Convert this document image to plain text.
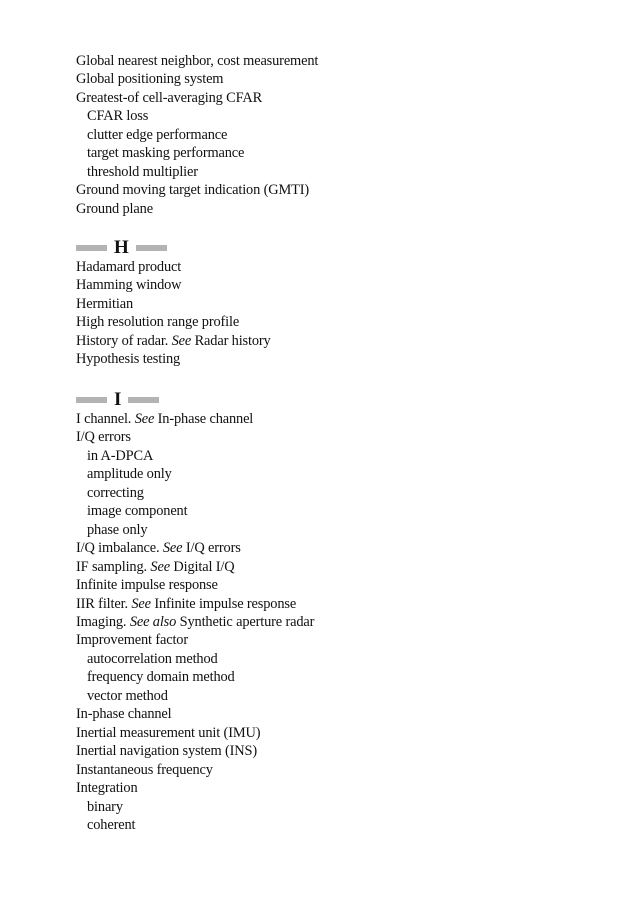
Global nearest neighbor, cost measurement
Global positioning system
Greatest-of cell-averaging CFAR
CFAR loss
clutter edge performance
target masking performance
threshold multiplier
Ground moving target indication (GMTI)
Ground plane
H
Hadamard product
Hamming window
Hermitian
High resolution range profile
History of radar. See Radar history
Hypothesis testing
I
I channel. See In-phase channel
I/Q errors
in A-DPCA
amplitude only
correcting
image component
phase only
I/Q imbalance. See I/Q errors
IF sampling. See Digital I/Q
Infinite impulse response
IIR filter. See Infinite impulse response
Imaging. See also Synthetic aperture radar
Improvement factor
autocorrelation method
frequency domain method
vector method
In-phase channel
Inertial measurement unit (IMU)
Inertial navigation system (INS)
Instantaneous frequency
Integration
binary
coherent
